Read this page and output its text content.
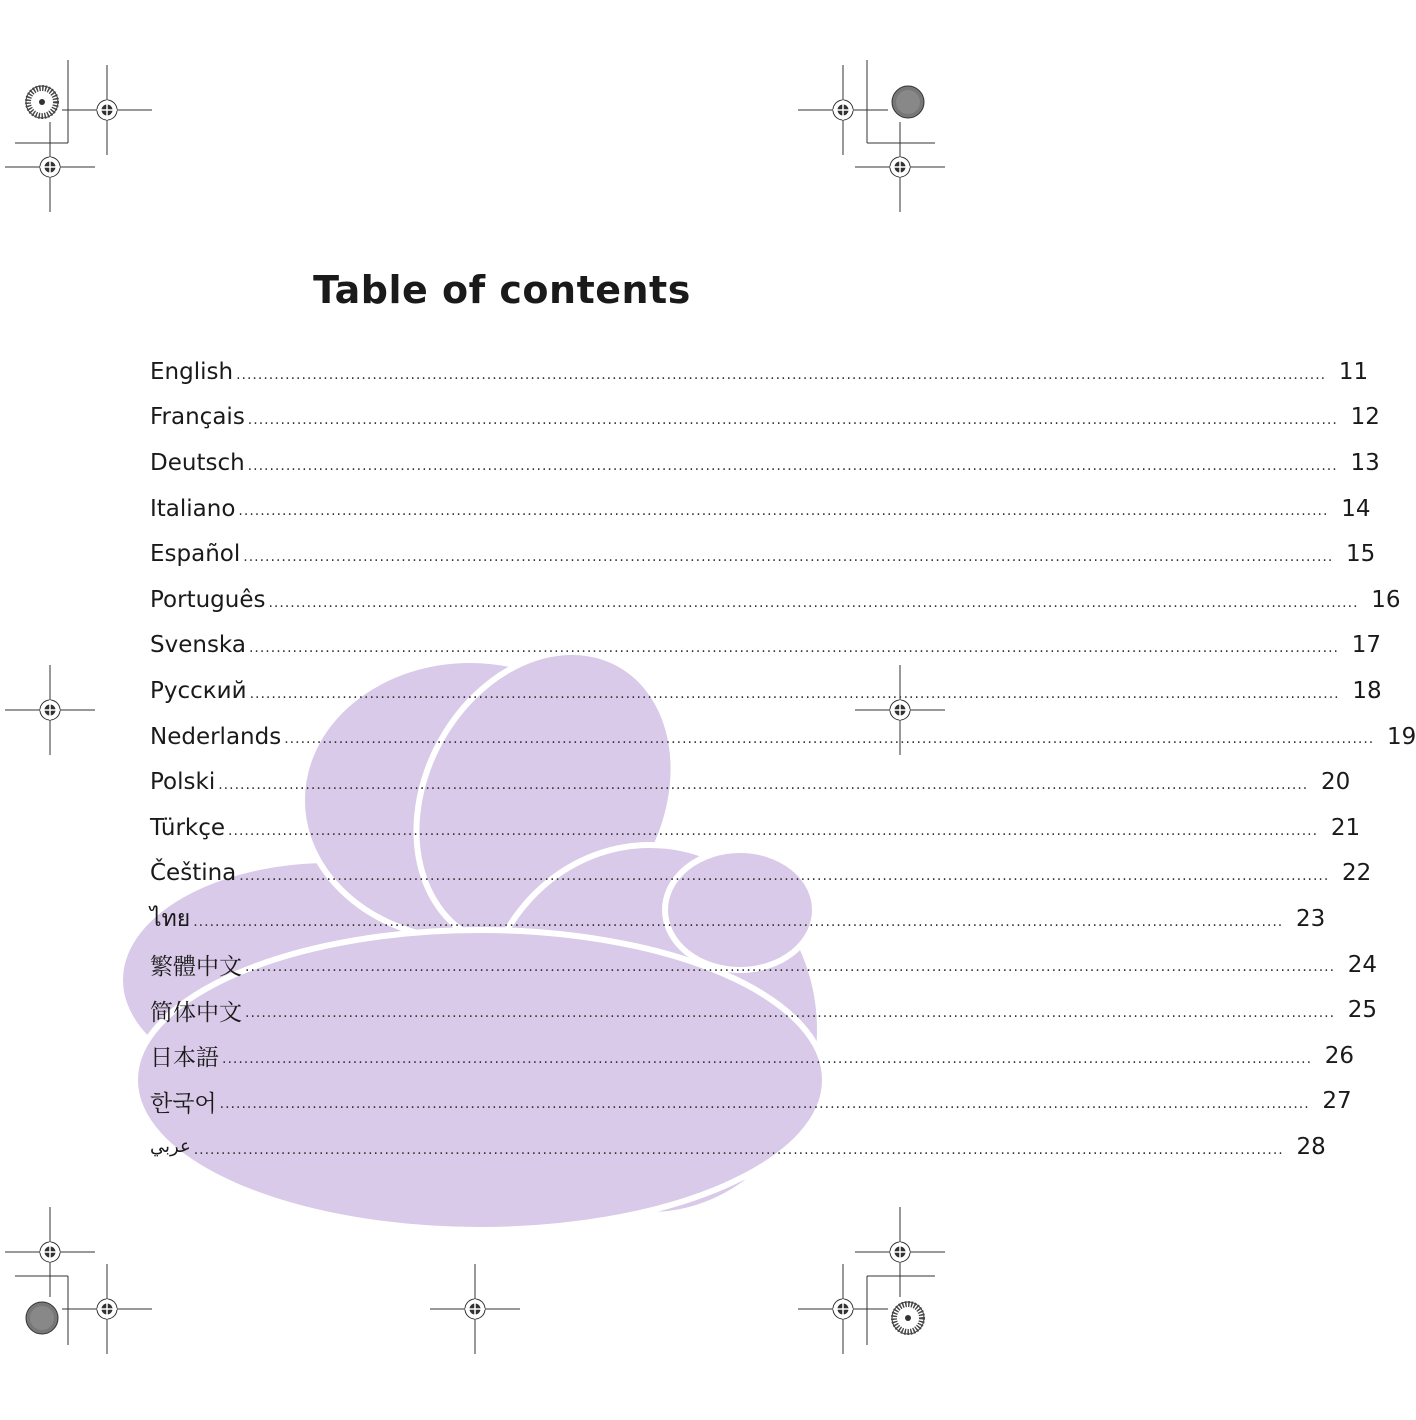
Table of contents
English ........................................................................................................................................................................................................ 11
Français ........................................................................................................................................................................................................ 12
Deutsch ........................................................................................................................................................................................................ 13
Italiano ........................................................................................................................................................................................................ 14
Español ........................................................................................................................................................................................................ 15
Português ........................................................................................................................................................................................................ 16
Svenska ........................................................................................................................................................................................................ 17
Русский ........................................................................................................................................................................................................ 18
Nederlands ........................................................................................................................................................................................................ 19
Polski ........................................................................................................................................................................................................ 20
Türkçe ........................................................................................................................................................................................................ 21
Čeština ........................................................................................................................................................................................................ 22
ไทย ........................................................................................................................................................................................................ 23
繁體中文 ........................................................................................................................................................................................................ 24
简体中文 ........................................................................................................................................................................................................ 25
日本語 ........................................................................................................................................................................................................ 26
한국어 ........................................................................................................................................................................................................ 27
عربي ........................................................................................................................................................................................................ 28
